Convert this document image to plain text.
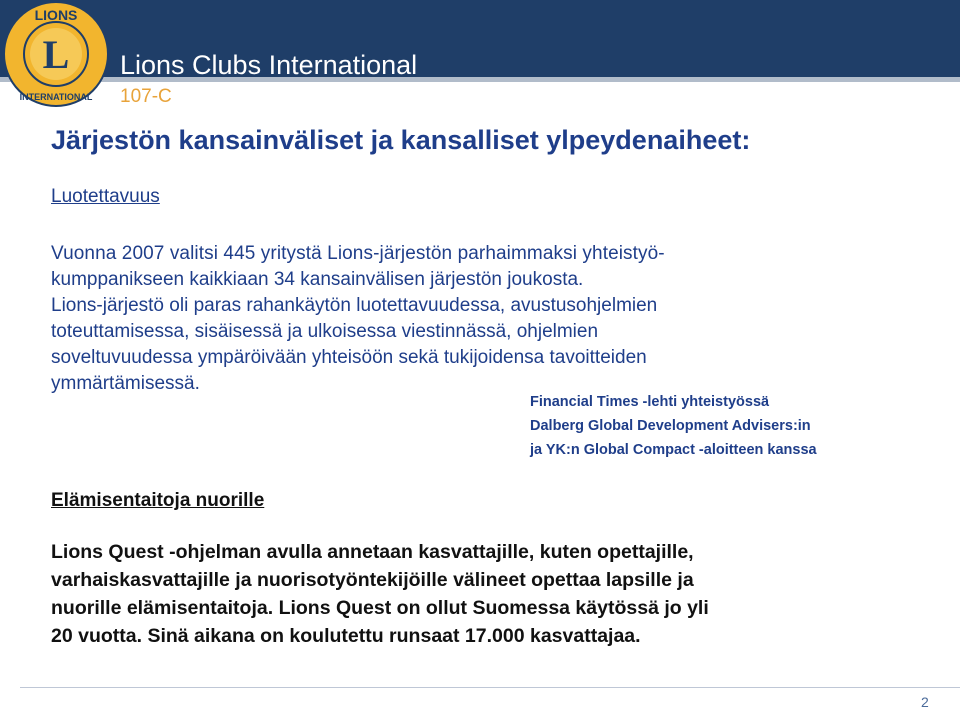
L
LIONS
INTERNATIONAL
Lions Clubs International
107-C
Järjestön kansainväliset ja kansalliset ylpeydenaiheet:
Luotettavuus

Vuonna 2007 valitsi 445 yritystä Lions-järjestön parhaimmaksi yhteistyö-

kumppanikseen kaikkiaan 34 kansainvälisen järjestön joukosta.

Lions-järjestö oli paras rahankäytön luotettavuudessa, avustusohjelmien

toteuttamisessa, sisäisessä ja ulkoisessa viestinnässä, ohjelmien

soveltuvuudessa ympäröivään yhteisöön sekä tukijoidensa tavoitteiden

ymmärtämisessä.

Financial Times -lehti yhteistyössä
Dalberg Global Development Advisers:in
ja YK:n Global Compact -aloitteen kanssa
Elämisentaitoja nuorille
Lions Quest -ohjelman avulla annetaan kasvattajille, kuten opettajille,
varhaiskasvattajille ja nuorisotyöntekijöille välineet opettaa lapsille ja
nuorille elämisentaitoja. Lions Quest on ollut Suomessa käytössä jo yli
20 vuotta. Sinä aikana on koulutettu runsaat 17.000 kasvattajaa.
2
